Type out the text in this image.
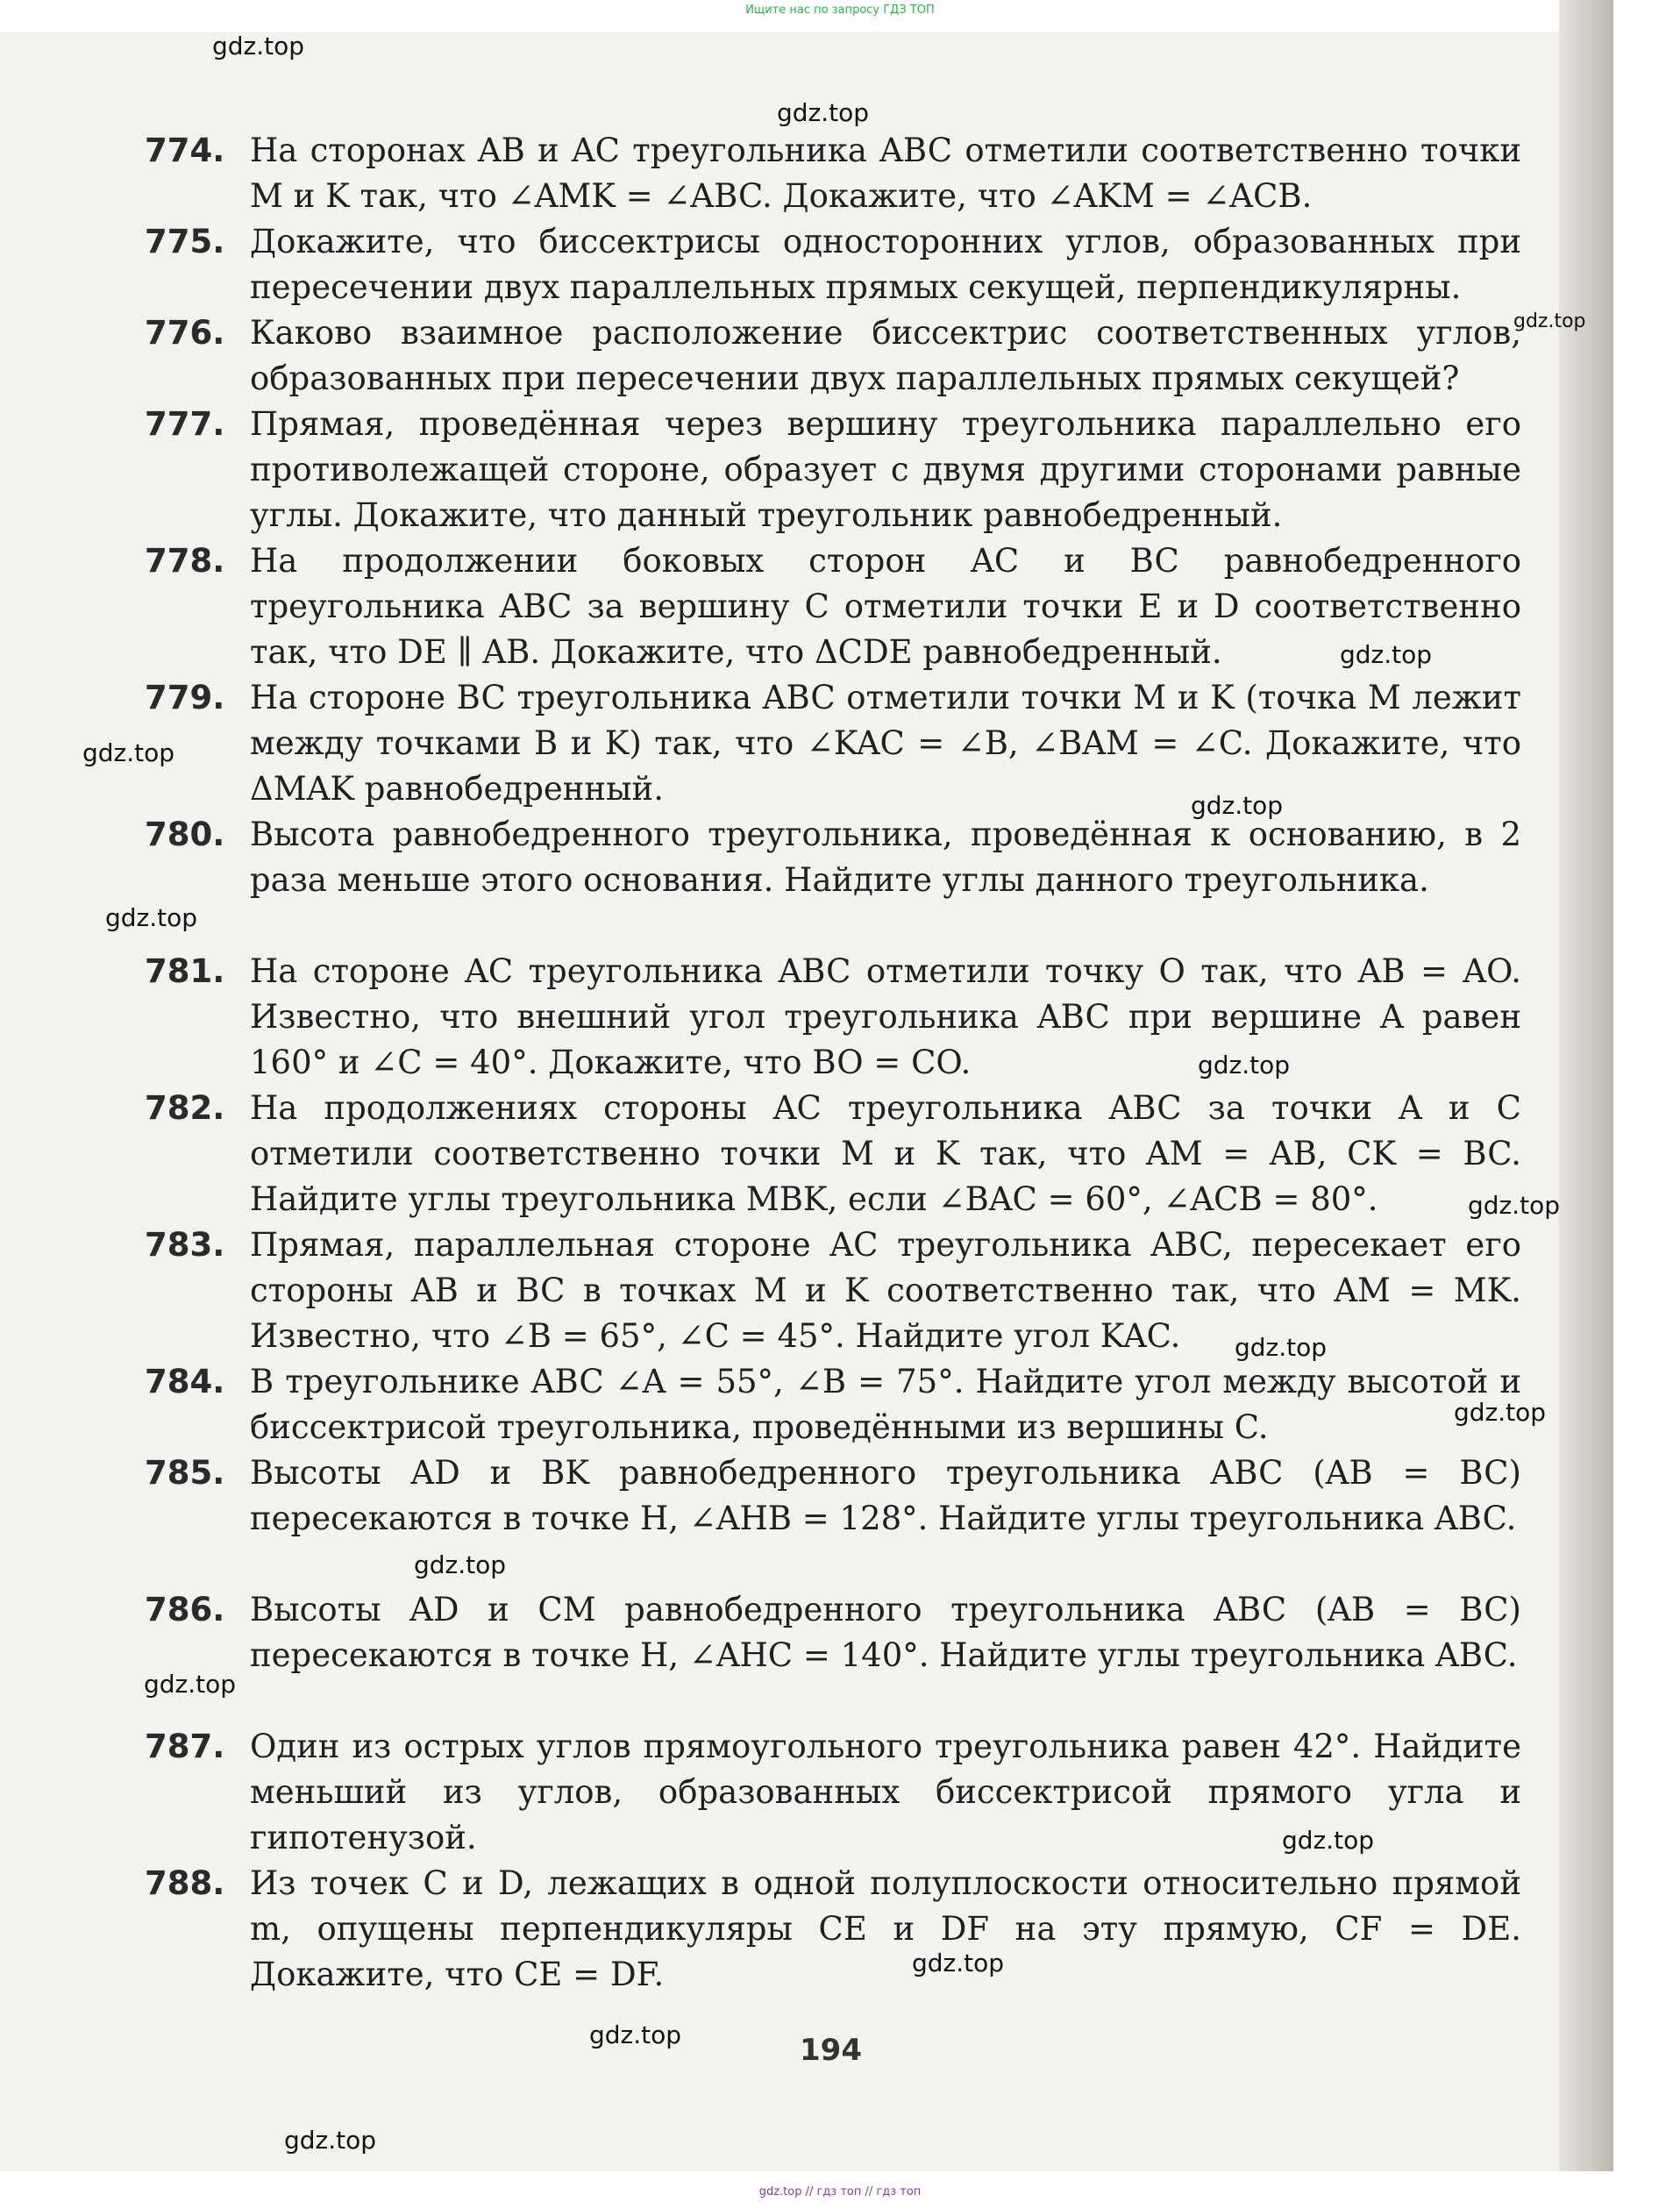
Ищите нас по запросу ГДЗ ТОП
774. На сторонах AB и AC треугольника ABC отметили соответственно точки M и K так, что ∠AMK = ∠ABC. Докажите, что ∠AKM = ∠ACB.
775. Докажите, что биссектрисы односторонних углов, образованных при пересечении двух параллельных прямых секущей, перпендикулярны.
776. Каково взаимное расположение биссектрис соответственных углов, образованных при пересечении двух параллельных прямых секущей?
777. Прямая, проведённая через вершину треугольника параллельно его противолежащей стороне, образует с двумя другими сторонами равные углы. Докажите, что данный треугольник равнобедренный.
778. На продолжении боковых сторон AC и BC равнобедренного треугольника ABC за вершину C отметили точки E и D соответственно так, что DE ∥ AB. Докажите, что ΔCDE равнобедренный.
779. На стороне BC треугольника ABC отметили точки M и K (точка M лежит между точками B и K) так, что ∠KAC = ∠B, ∠BAM = ∠C. Докажите, что ΔMAK равнобедренный.
780. Высота равнобедренного треугольника, проведённая к основанию, в 2 раза меньше этого основания. Найдите углы данного треугольника.
781. На стороне AC треугольника ABC отметили точку O так, что AB = AO. Известно, что внешний угол треугольника ABC при вершине A равен 160° и ∠C = 40°. Докажите, что BO = CO.
782. На продолжениях стороны AC треугольника ABC за точки A и C отметили соответственно точки M и K так, что AM = AB, CK = BC. Найдите углы треугольника MBK, если ∠BAC = 60°, ∠ACB = 80°.
783. Прямая, параллельная стороне AC треугольника ABC, пересекает его стороны AB и BC в точках M и K соответственно так, что AM = MK. Известно, что ∠B = 65°, ∠C = 45°. Найдите угол KAC.
784. В треугольнике ABC ∠A = 55°, ∠B = 75°. Найдите угол между высотой и биссектрисой треугольника, проведёнными из вершины C.
785. Высоты AD и BK равнобедренного треугольника ABC (AB = BC) пересекаются в точке H, ∠AHB = 128°. Найдите углы треугольника ABC.
786. Высоты AD и CM равнобедренного треугольника ABC (AB = BC) пересекаются в точке H, ∠AHC = 140°. Найдите углы треугольника ABC.
787. Один из острых углов прямоугольного треугольника равен 42°. Найдите меньший из углов, образованных биссектрисой прямого угла и гипотенузой.
788. Из точек C и D, лежащих в одной полуплоскости относительно прямой m, опущены перпендикуляры CE и DF на эту прямую, CF = DE. Докажите, что CE = DF.
194
gdz.top
gdz.top
gdz.top
gdz.top
gdz.top
gdz.top
gdz.top
gdz.top
gdz.top
gdz.top
gdz.top
gdz.top
gdz.top
gdz.top
gdz.top
gdz.top
gdz.top
gdz.top // гдз топ // гдз топ
